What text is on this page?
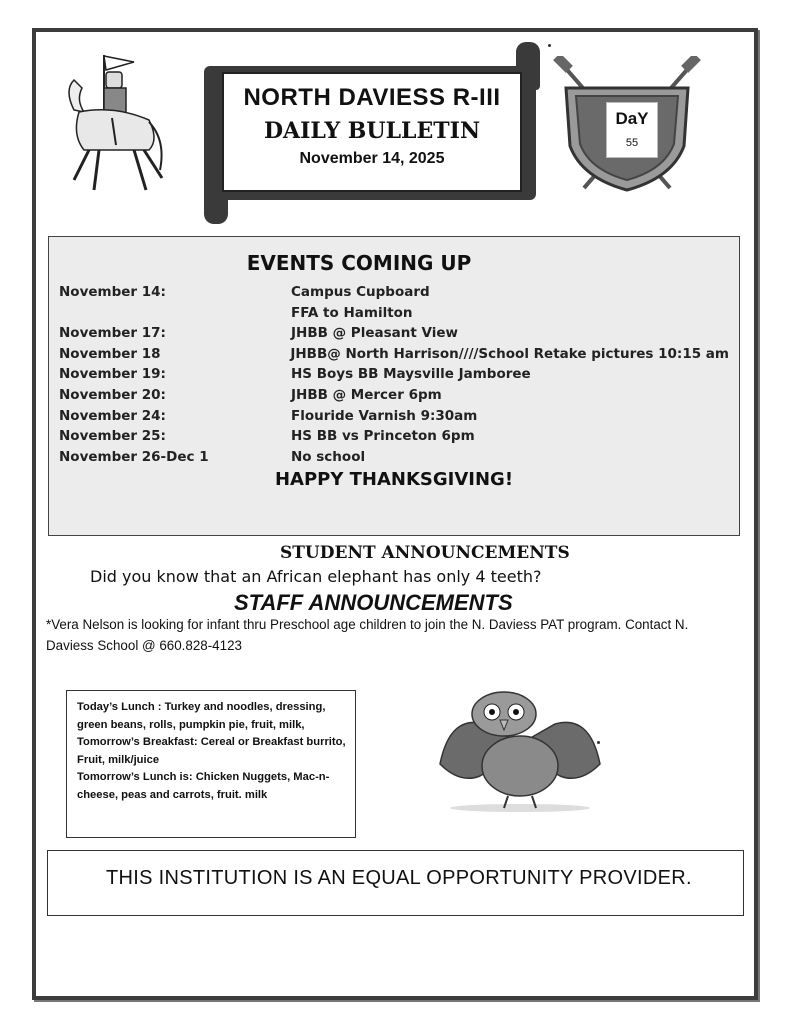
NORTH DAVIESS R-III
DAILY BULLETIN
November 14, 2025
DaY
55
EVENTS COMING UP
November 14:	Campus Cupboard
FFA to Hamilton
November 17:	JHBB @ Pleasant View
November 18	JHBB@ North Harrison////School Retake pictures 10:15 am
November 19:	HS Boys BB Maysville Jamboree
November 20:	JHBB @ Mercer 6pm
November 24:	Flouride Varnish 9:30am
November 25:	HS BB vs Princeton 6pm
November 26-Dec 1	No school
HAPPY THANKSGIVING!
STUDENT ANNOUNCEMENTS
Did you know that an African elephant has only 4 teeth?
STAFF ANNOUNCEMENTS
*Vera Nelson is looking for infant thru Preschool age children to join the N. Daviess PAT program. Contact N. Daviess School @ 660.828-4123
Today’s Lunch : Turkey and noodles, dressing, green beans, rolls, pumpkin pie, fruit, milk,
Tomorrow’s Breakfast: Cereal or Breakfast burrito, Fruit, milk/juice
Tomorrow’s Lunch is: Chicken Nuggets, Mac-n-cheese, peas and carrots, fruit. milk
THIS INSTITUTION IS AN EQUAL OPPORTUNITY PROVIDER.
